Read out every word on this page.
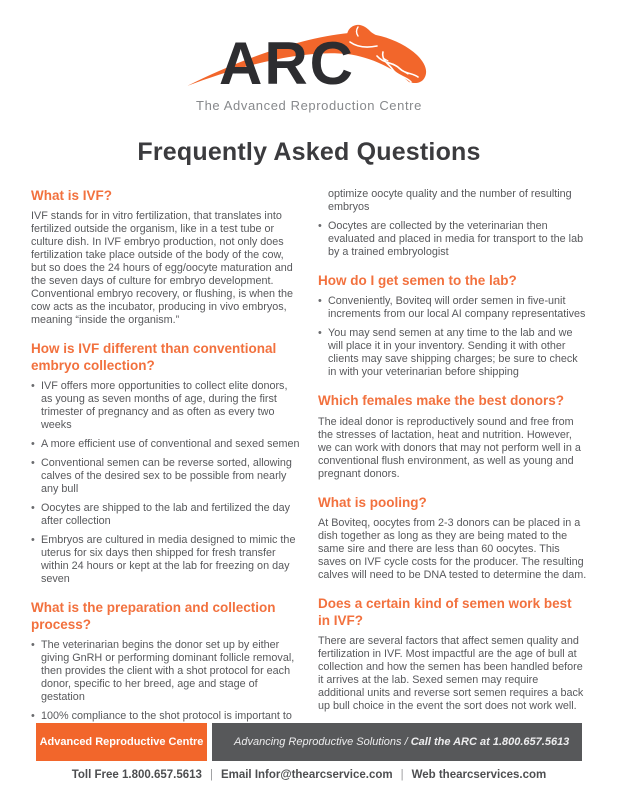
ARC
The Advanced Reproduction Centre
Frequently Asked Questions
What is IVF?

IVF stands for in vitro fertilization, that translates into fertilized outside the organism, like in a test tube or culture dish. In IVF embryo production, not only does fertilization take place outside of the body of the cow, but so does the 24 hours of egg/oocyte maturation and the seven days of culture for embryo development. Conventional embryo recovery, or flushing, is when the cow acts as the incubator, producing in vivo embryos, meaning “inside the organism.”

How is IVF different than conventional embryo collection?
• IVF offers more opportunities to collect elite donors, as young as seven months of age, during the first trimester of pregnancy and as often as every two weeks
• A more efficient use of conventional and sexed semen
• Conventional semen can be reverse sorted, allowing calves of the desired sex to be possible from nearly any bull
• Oocytes are shipped to the lab and fertilized the day after collection
• Embryos are cultured in media designed to mimic the uterus for six days then shipped for fresh transfer within 24 hours or kept at the lab for freezing on day seven
What is the preparation and collection process?
• The veterinarian begins the donor set up by either giving GnRH or performing dominant follicle removal, then provides the client with a shot protocol for each donor, specific to her breed, age and stage of gestation
• 100% compliance to the shot protocol is important to

optimize oocyte quality and the number of resulting embryos

• Oocytes are collected by the veterinarian then evaluated and placed in media for transport to the lab by a trained embryologist
How do I get semen to the lab?
• Conveniently, Boviteq will order semen in five-unit increments from our local AI company representatives
• You may send semen at any time to the lab and we will place it in your inventory. Sending it with other clients may save shipping charges; be sure to check in with your veterinarian before shipping
Which females make the best donors?

The ideal donor is reproductively sound and free from the stresses of lactation, heat and nutrition. However, we can work with donors that may not perform well in a conventional flush environment, as well as young and pregnant donors.

What is pooling?

At Boviteq, oocytes from 2-3 donors can be placed in a dish together as long as they are being mated to the same sire and there are less than 60 oocytes. This saves on IVF cycle costs for the producer. The resulting calves will need to be DNA tested to determine the dam.

Does a certain kind of semen work best in IVF?

There are several factors that affect semen quality and fertilization in IVF. Most impactful are the age of bull at collection and how the semen has been handled before it arrives at the lab. Sexed semen may require additional units and reverse sort semen requires a back up bull choice in the event the sort does not work well.

Advanced Reproductive Centre	Advancing Reproductive Solutions /
Call the ARC at 1.800.657.5613
Toll Free 1.800.657.5613 | Email Infor@thearcservice.com | Web thearcservices.com
